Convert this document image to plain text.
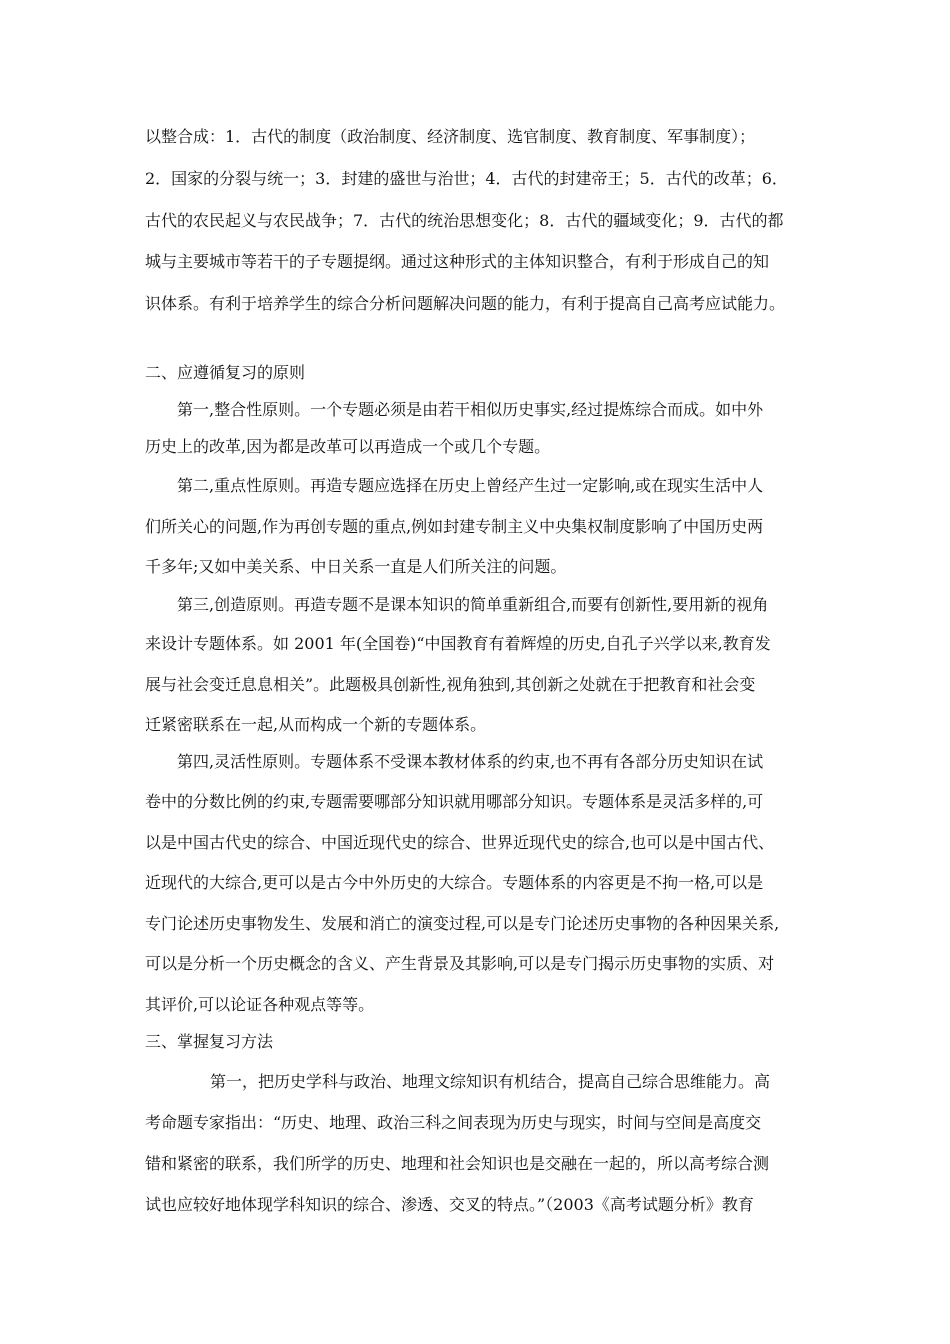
以整合成：1．古代的制度（政治制度、经济制度、选官制度、教育制度、军事制度）；
2．国家的分裂与统一；3．封建的盛世与治世；4．古代的封建帝王；5．古代的改革；6．
古代的农民起义与农民战争；7．古代的统治思想变化；8．古代的疆域变化；9．古代的都
城与主要城市等若干的子专题提纲。通过这种形式的主体知识整合，有利于形成自己的知
识体系。有利于培养学生的综合分析问题解决问题的能力，有利于提高自己高考应试能力。
二、应遵循复习的原则
第一,整合性原则。一个专题必须是由若干相似历史事实,经过提炼综合而成。如中外
历史上的改革,因为都是改革可以再造成一个或几个专题。
第二,重点性原则。再造专题应选择在历史上曾经产生过一定影响,或在现实生活中人
们所关心的问题,作为再创专题的重点,例如封建专制主义中央集权制度影响了中国历史两
千多年;又如中美关系、中日关系一直是人们所关注的问题。
第三,创造原则。再造专题不是课本知识的简单重新组合,而要有创新性,要用新的视角
来设计专题体系。如 2001 年(全国卷)“中国教育有着辉煌的历史,自孔子兴学以来,教育发
展与社会变迁息息相关”。此题极具创新性,视角独到,其创新之处就在于把教育和社会变
迁紧密联系在一起,从而构成一个新的专题体系。
第四,灵活性原则。专题体系不受课本教材体系的约束,也不再有各部分历史知识在试
卷中的分数比例的约束,专题需要哪部分知识就用哪部分知识。专题体系是灵活多样的,可
以是中国古代史的综合、中国近现代史的综合、世界近现代史的综合,也可以是中国古代、
近现代的大综合,更可以是古今中外历史的大综合。专题体系的内容更是不拘一格,可以是
专门论述历史事物发生、发展和消亡的演变过程,可以是专门论述历史事物的各种因果关系,
可以是分析一个历史概念的含义、产生背景及其影响,可以是专门揭示历史事物的实质、对
其评价,可以论证各种观点等等。
三、掌握复习方法
第一，把历史学科与政治、地理文综知识有机结合，提高自己综合思维能力。高
考命题专家指出：“历史、地理、政治三科之间表现为历史与现实，时间与空间是高度交
错和紧密的联系，我们所学的历史、地理和社会知识也是交融在一起的，所以高考综合测
试也应较好地体现学科知识的综合、渗透、交叉的特点。”（2003《高考试题分析》教育
